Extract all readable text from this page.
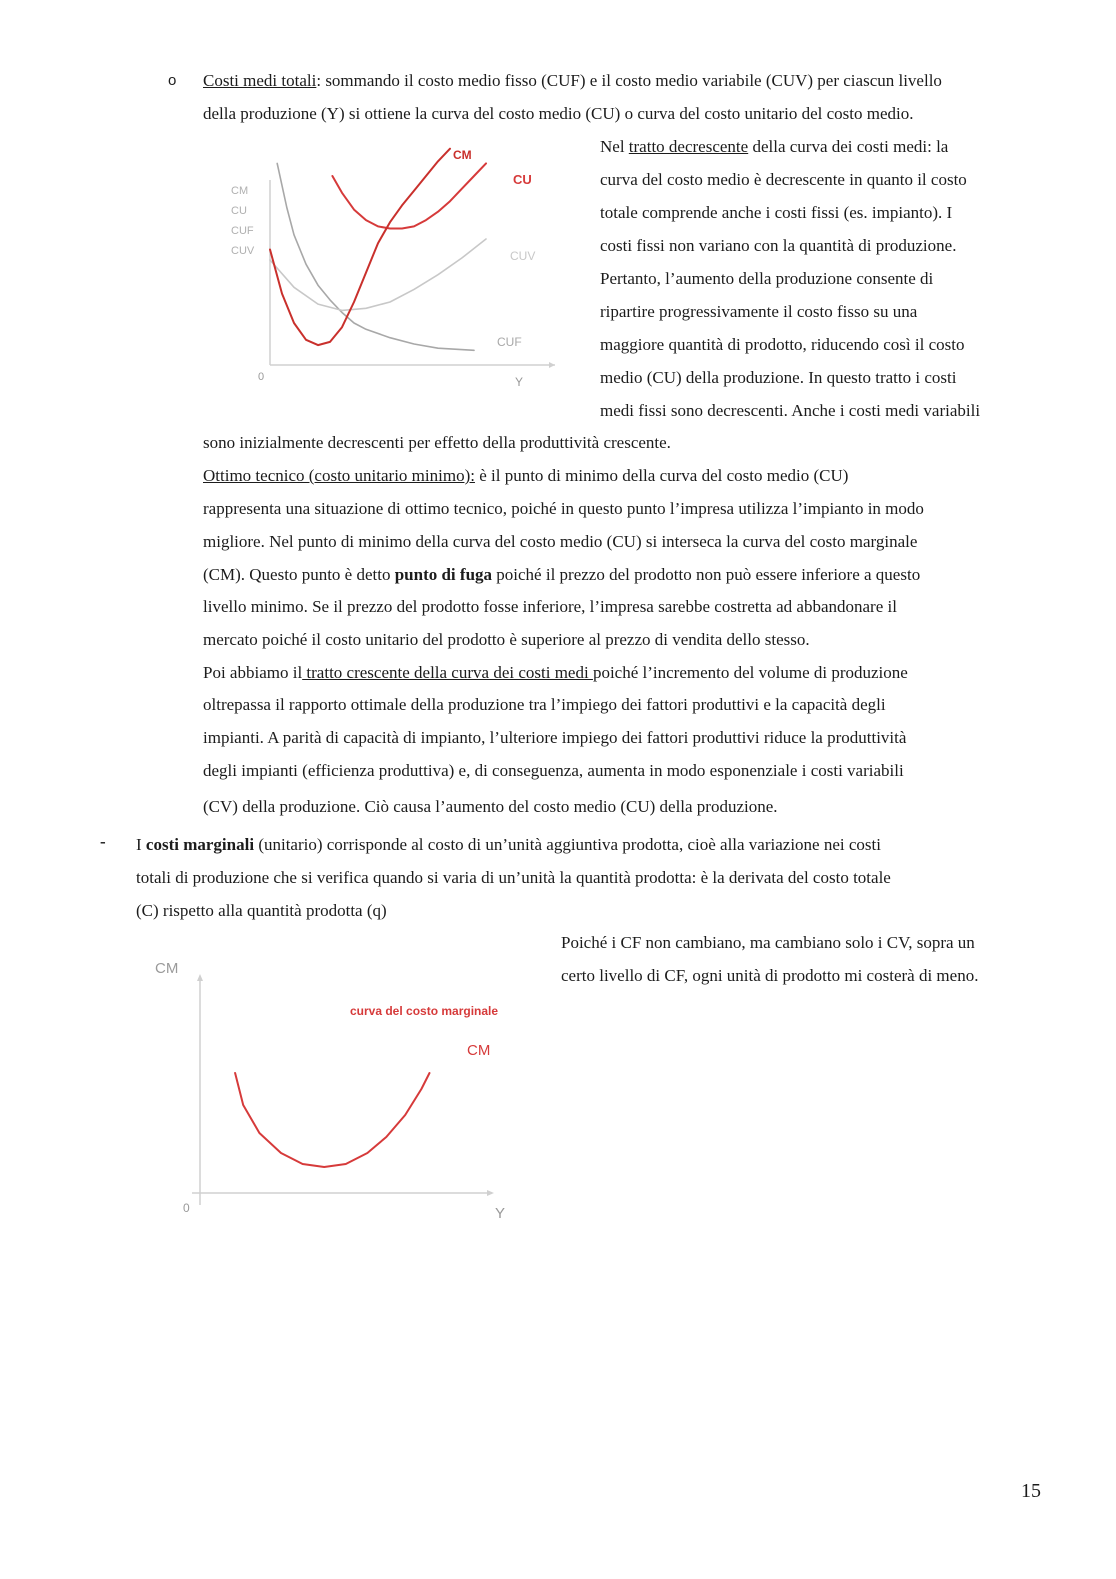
o Costi medi totali: sommando il costo medio fisso (CUF) e il costo medio variabile (CUV) per ciascun livello
della produzione (Y) si ottiene la curva del costo medio (CU) o curva del costo unitario del costo medio.
CM
CU
CUF
CUV
0	Y
CM
CU
CUV
CUF
Nel tratto decrescente della curva dei costi medi: la
curva del costo medio è decrescente in quanto il costo
totale comprende anche i costi fissi (es. impianto). I
costi fissi non variano con la quantità di produzione.
Pertanto, l’aumento della produzione consente di
ripartire progressivamente il costo fisso su una
maggiore quantità di prodotto, riducendo così il costo
medio (CU) della produzione. In questo tratto i costi
medi fissi sono decrescenti. Anche i costi medi variabili
sono inizialmente decrescenti per effetto della produttività crescente.
Ottimo tecnico (costo unitario minimo): è il punto di minimo della curva del costo medio (CU)
rappresenta una situazione di ottimo tecnico, poiché in questo punto l’impresa utilizza l’impianto in modo
migliore. Nel punto di minimo della curva del costo medio (CU) si interseca la curva del costo marginale
(CM). Questo punto è detto punto di fuga poiché il prezzo del prodotto non può essere inferiore a questo
livello minimo. Se il prezzo del prodotto fosse inferiore, l’impresa sarebbe costretta ad abbandonare il
mercato poiché il costo unitario del prodotto è superiore al prezzo di vendita dello stesso.
Poi abbiamo il tratto crescente della curva dei costi medi poiché l’incremento del volume di produzione
oltrepassa il rapporto ottimale della produzione tra l’impiego dei fattori produttivi e la capacità degli
impianti. A parità di capacità di impianto, l’ulteriore impiego dei fattori produttivi riduce la produttività
degli impianti (efficienza produttiva) e, di conseguenza, aumenta in modo esponenziale i costi variabili
(CV) della produzione. Ciò causa l’aumento del costo medio (CU) della produzione.
- I costi marginali (unitario) corrisponde al costo di un’unità aggiuntiva prodotta, cioè alla variazione nei costi
totali di produzione che si verifica quando si varia di un’unità la quantità prodotta: è la derivata del costo totale
(C) rispetto alla quantità prodotta (q)
Poiché i CF non cambiano, ma cambiano solo i CV, sopra un
certo livello di CF, ogni unità di prodotto mi costerà di meno.
CM
0	Y
curva del costo marginale
CM
15
